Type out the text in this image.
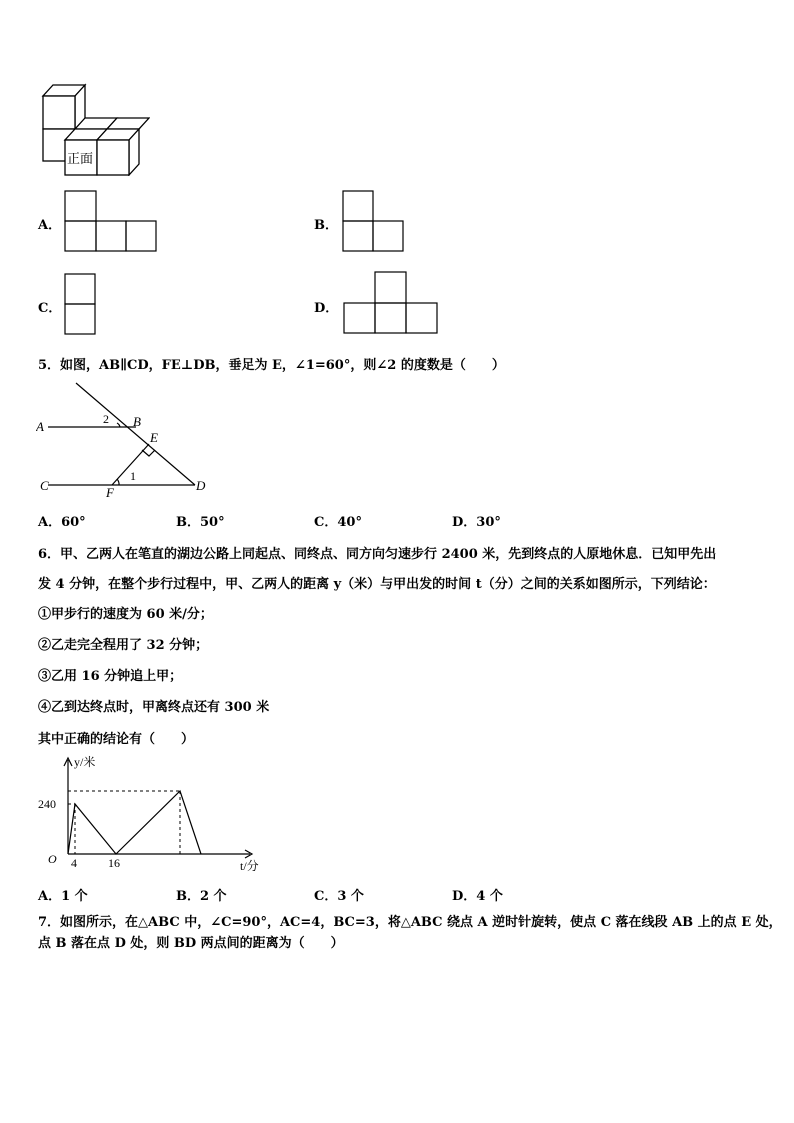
正面
A．	B．
C．	D．
5．如图，AB∥CD，FE⊥DB，垂足为 E，∠1=60°，则∠2 的度数是（　　）
A	B
E
C	F	D
1
2
A．60°	B．50°	C．40°	D．30°
6．甲、乙两人在笔直的湖边公路上同起点、同终点、同方向匀速步行 2400 米，先到终点的人原地休息．已知甲先出
发 4 分钟，在整个步行过程中，甲、乙两人的距离 y（米）与甲出发的时间 t（分）之间的关系如图所示，下列结论：
①甲步行的速度为 60 米/分；
②乙走完全程用了 32 分钟；
③乙用 16 分钟追上甲；
④乙到达终点时，甲离终点还有 300 米
其中正确的结论有（　　）
y/米
t/分
O
240
4	16
A．1 个	B．2 个	C．3 个	D．4 个
7．如图所示，在△ABC 中，∠C=90°，AC=4，BC=3，将△ABC 绕点 A 逆时针旋转，使点 C 落在线段 AB 上的点 E 处，
点 B 落在点 D 处，则 BD 两点间的距离为（　　）
